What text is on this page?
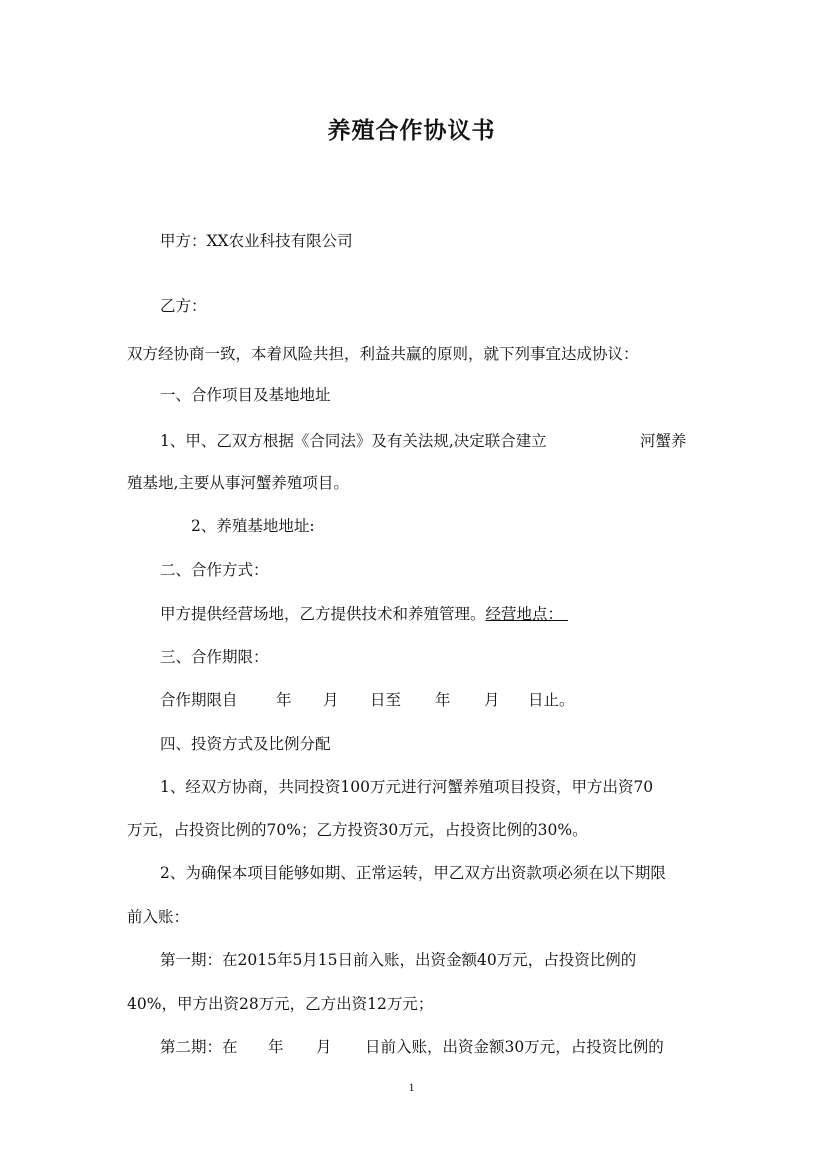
养殖合作协议书
甲方：XX农业科技有限公司
乙方：
双方经协商一致，本着风险共担，利益共赢的原则，就下列事宜达成协议：
一、合作项目及基地地址
1、甲、乙双方根据《合同法》及有关法规,决定联合建立	河蟹养
殖基地,主要从事河蟹养殖项目。
2、养殖基地地址:
二、合作方式：
甲方提供经营场地，乙方提供技术和养殖管理。经营地点：
三、合作期限：
合作期限自 年 月 日至 年 月 日止。
四、投资方式及比例分配
1、经双方协商，共同投资100万元进行河蟹养殖项目投资，甲方出资70
万元，占投资比例的70%；乙方投资30万元，占投资比例的30%。
2、为确保本项目能够如期、正常运转，甲乙双方出资款项必须在以下期限
前入账：
第一期：在2015年5月15日前入账，出资金额40万元，占投资比例的
40%，甲方出资28万元，乙方出资12万元；
第二期：在 年 月 日前入账，出资金额30万元，占投资比例的
1
